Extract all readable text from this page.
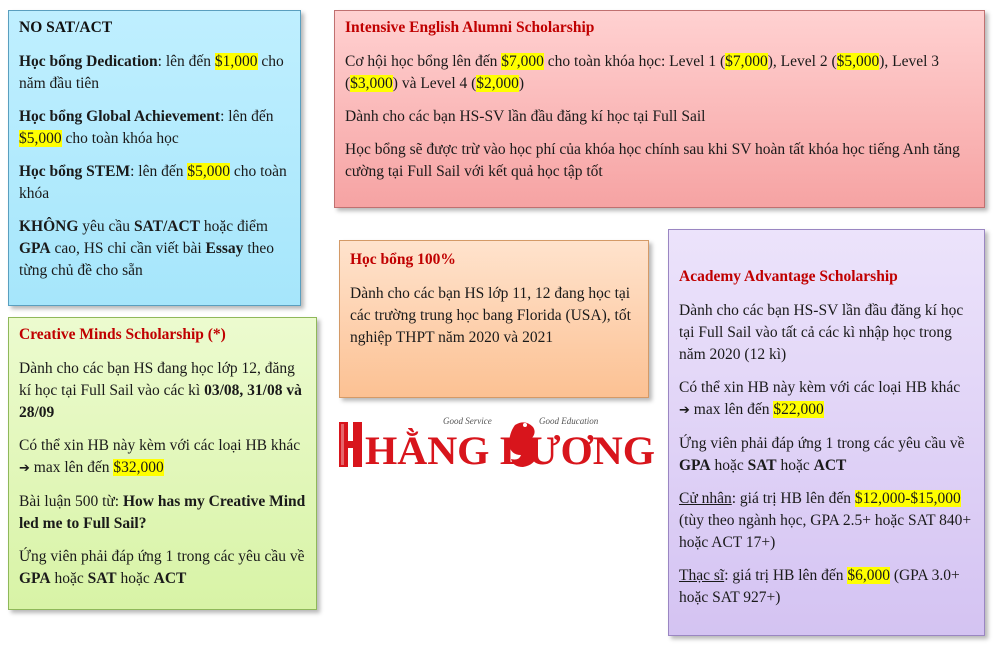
NO SAT/ACT

Học bổng Dedication: lên đến $1,000 cho năm đầu tiên

Học bổng Global Achievement: lên đến $5,000 cho toàn khóa học

Học bổng STEM: lên đến $5,000 cho toàn khóa

KHÔNG yêu cầu SAT/ACT hoặc điểm GPA cao, HS chỉ cần viết bài Essay theo từng chủ đề cho sẵn

Intensive English Alumni Scholarship

Cơ hội học bổng lên đến $7,000 cho toàn khóa học: Level 1 ($7,000), Level 2 ($5,000), Level 3 ($3,000) và Level 4 ($2,000)

Dành cho các bạn HS-SV lần đầu đăng kí học tại Full Sail

Học bổng sẽ được trừ vào học phí của khóa học chính sau khi SV hoàn tất khóa học tiếng Anh tăng cường tại Full Sail với kết quả học tập tốt

Creative Minds Scholarship (*)

Dành cho các bạn HS đang học lớp 12, đăng kí học tại Full Sail vào các kì 03/08, 31/08 và 28/09

Có thể xin HB này kèm với các loại HB khác ➔ max lên đến $32,000

Bài luận 500 từ: How has my Creative Mind led me to Full Sail?

Ứng viên phải đáp ứng 1 trong các yêu cầu về GPA hoặc SAT hoặc ACT

Học bổng 100%

Dành cho các bạn HS lớp 11, 12 đang học tại các trường trung học bang Florida (USA), tốt nghiệp THPT năm 2020 và 2021

Academy Advantage Scholarship

Dành cho các bạn HS-SV lần đầu đăng kí học tại Full Sail vào tất cả các kì nhập học trong năm 2020 (12 kì)

Có thể xin HB này kèm với các loại HB khác ➔ max lên đến $22,000

Ứng viên phải đáp ứng 1 trong các yêu cầu về GPA hoặc SAT hoặc ACT

Cử nhân: giá trị HB lên đến $12,000-$15,000 (tùy theo ngành học, GPA 2.5+ hoặc SAT 840+ hoặc ACT 17+)

Thạc sĩ: giá trị HB lên đến $6,000 (GPA 3.0+ hoặc SAT 927+)

HẰNG LƯƠNG
Good Service	Good Education
